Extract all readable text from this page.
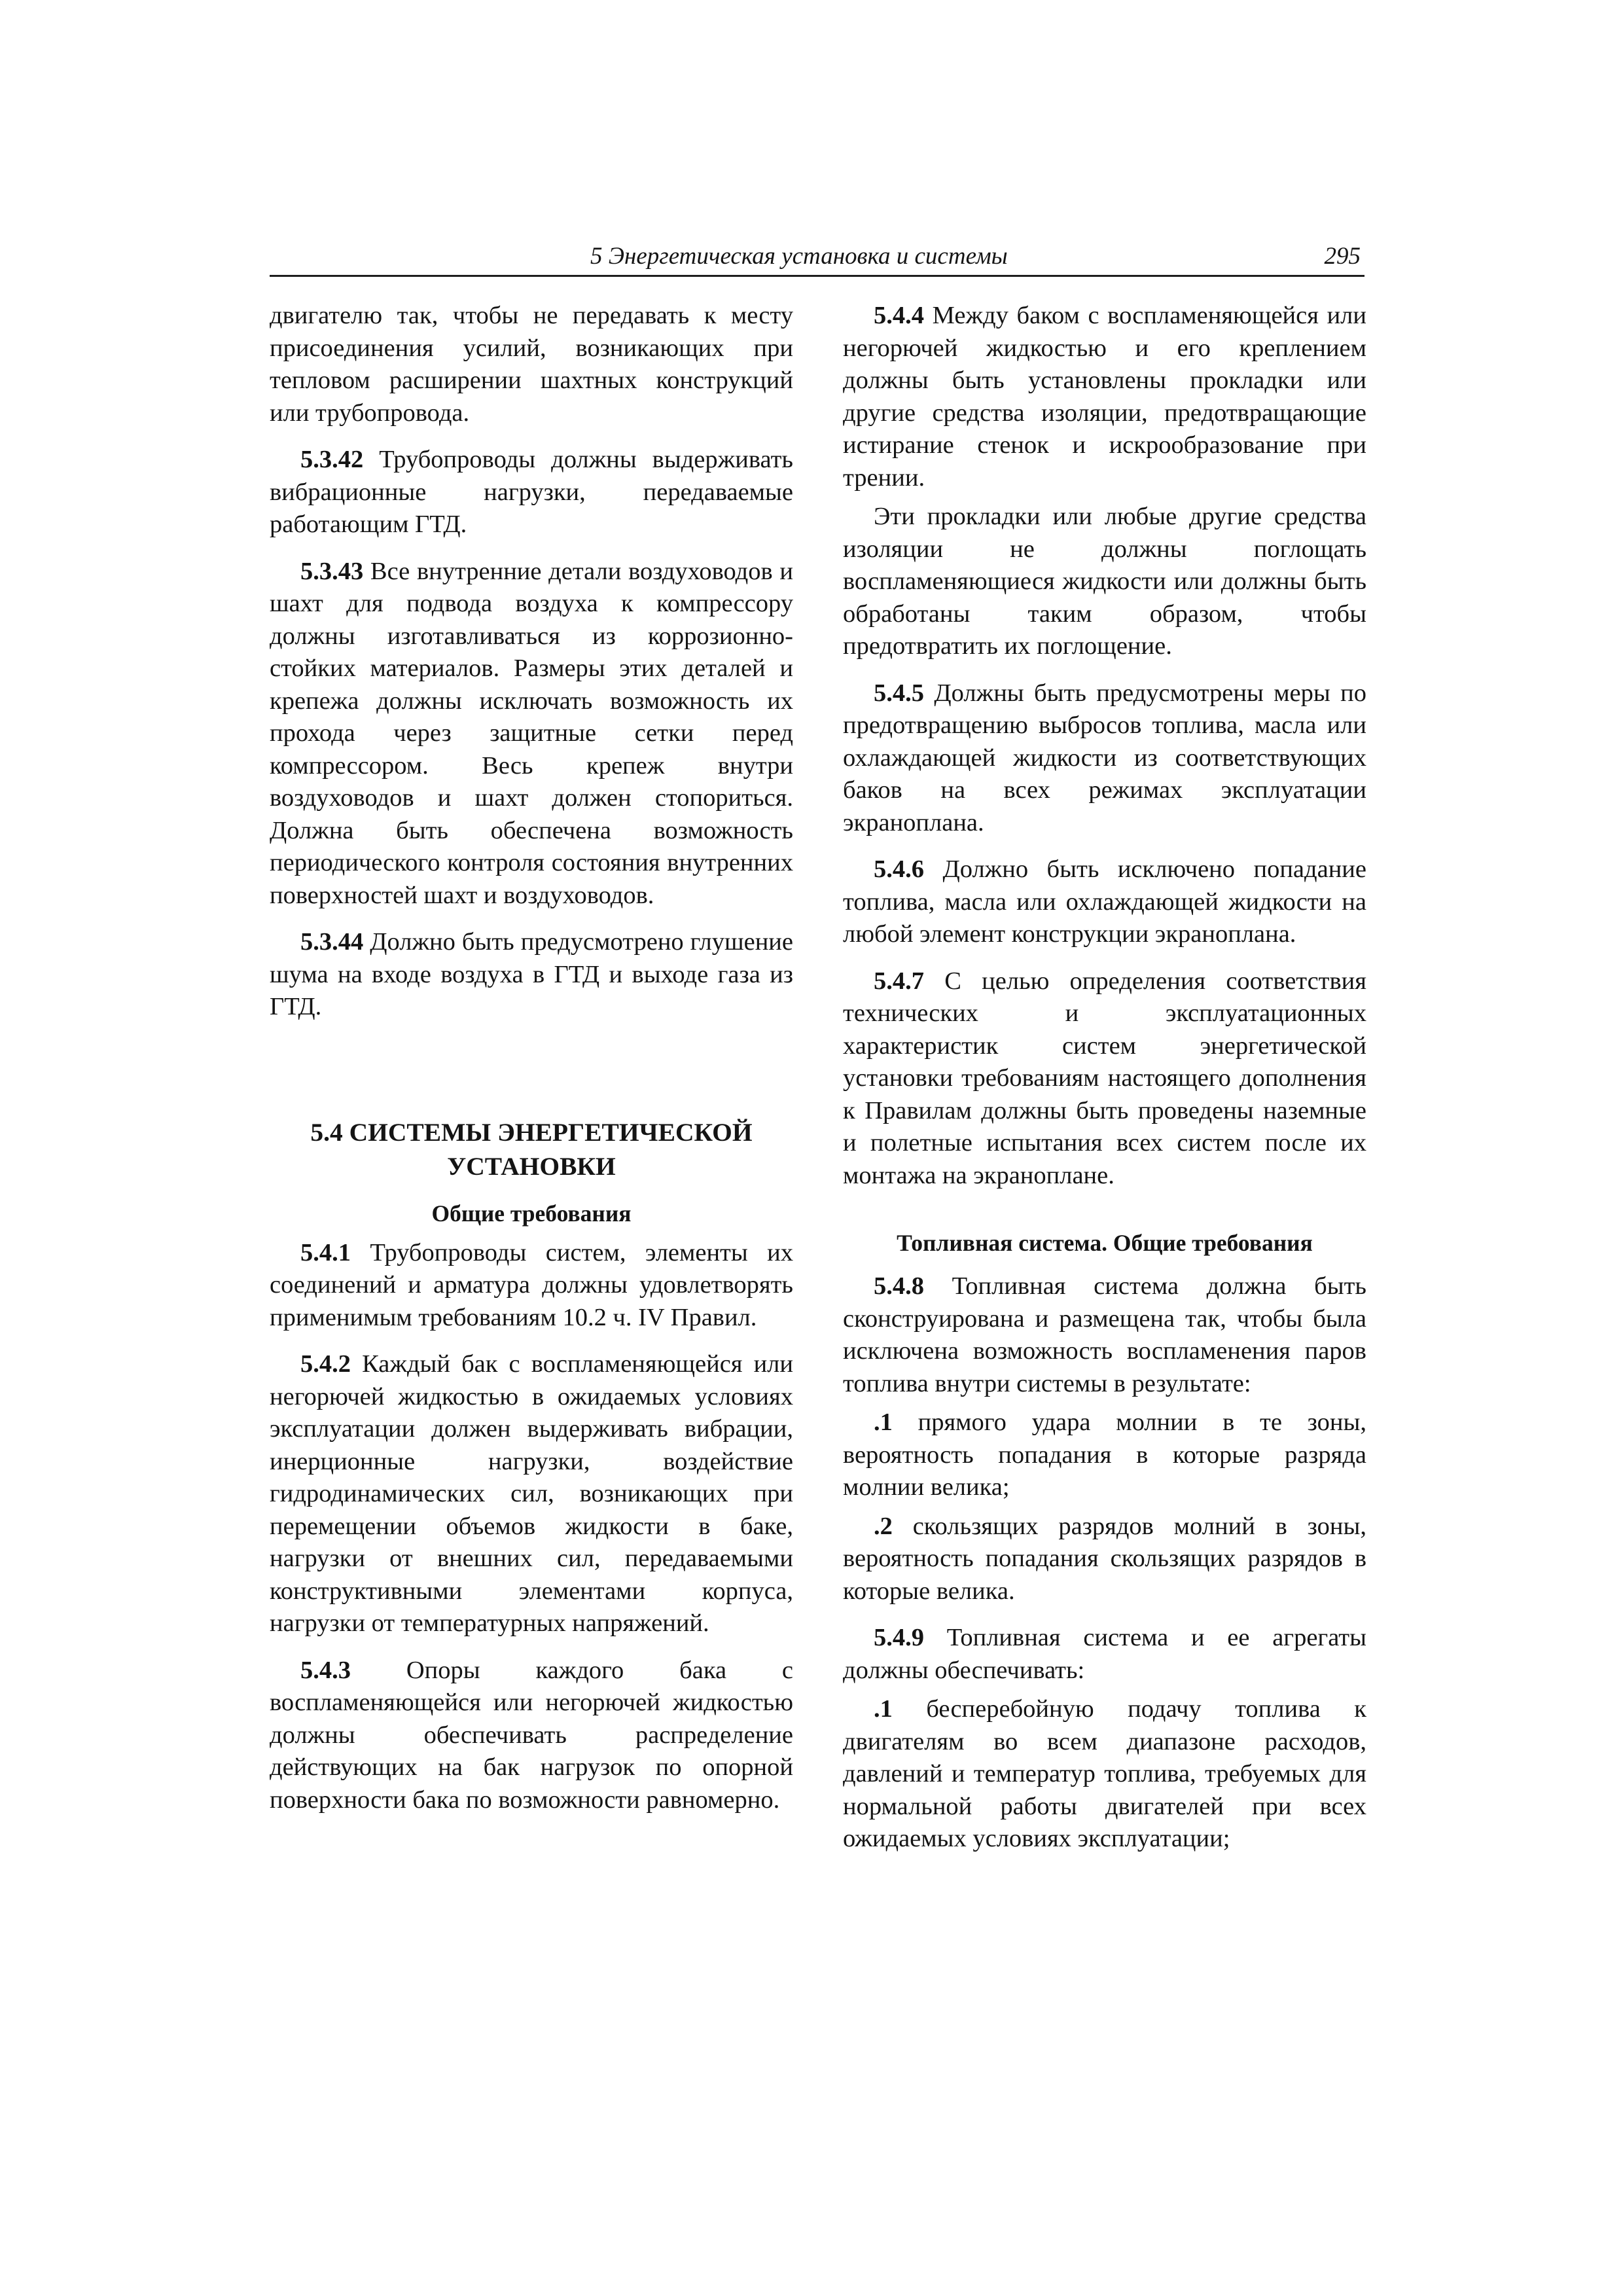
5 Энергетическая установка и системы	295

двигателю так, чтобы не передавать к месту присоединения усилий, возникающих при тепловом расширении шахтных конструкций или трубопровода.

5.3.42 Трубопроводы должны выдерживать вибрационные нагрузки, передаваемые работающим ГТД.

5.3.43 Все внутренние детали воздуховодов и шахт для подвода воздуха к компрессору должны изготавливаться из коррозионно-стойких материалов. Размеры этих деталей и крепежа должны исключать возможность их прохода через защитные сетки перед компрессором. Весь крепеж внутри воздуховодов и шахт должен стопориться. Должна быть обеспечена возможность периодического контроля состояния внутренних поверхностей шахт и воздуховодов.

5.3.44 Должно быть предусмотрено глушение шума на входе воздуха в ГТД и выходе газа из ГТД.

5.4 СИСТЕМЫ ЭНЕРГЕТИЧЕСКОЙ
УСТАНОВКИ
Общие требования

5.4.1 Трубопроводы систем, элементы их соединений и арматура должны удовлетворять применимым требованиям 10.2 ч. IV Правил.

5.4.2 Каждый бак с воспламеняющейся или негорючей жидкостью в ожидаемых условиях эксплуатации должен выдерживать вибрации, инерционные нагрузки, воздействие гидродинамических сил, возникающих при перемещении объемов жидкости в баке, нагрузки от внешних сил, передаваемыми конструктивными элементами корпуса, нагрузки от температурных напряжений.

5.4.3 Опоры каждого бака с воспламеняющейся или негорючей жидкостью должны обеспечивать распределение действующих на бак нагрузок по опорной поверхности бака по возможности равномерно.

5.4.4 Между баком с воспламеняющейся или негорючей жидкостью и его креплением должны быть установлены прокладки или другие средства изоляции, предотвращающие истирание стенок и искрообразование при трении.

Эти прокладки или любые другие средства изоляции не должны поглощать воспламеняющиеся жидкости или должны быть обработаны таким образом, чтобы предотвратить их поглощение.

5.4.5 Должны быть предусмотрены меры по предотвращению выбросов топлива, масла или охлаждающей жидкости из соответствующих баков на всех режимах эксплуатации экраноплана.

5.4.6 Должно быть исключено попадание топлива, масла или охлаждающей жидкости на любой элемент конструкции экраноплана.

5.4.7 С целью определения соответствия технических и эксплуатационных характеристик систем энергетической установки требованиям настоящего дополнения к Правилам должны быть проведены наземные и полетные испытания всех систем после их монтажа на экраноплане.

Топливная система. Общие требования

5.4.8 Топливная система должна быть сконструирована и размещена так, чтобы была исключена возможность воспламенения паров топлива внутри системы в результате:

.1 прямого удара молнии в те зоны, вероятность попадания в которые разряда молнии велика;

.2 скользящих разрядов молний в зоны, вероятность попадания скользящих разрядов в которые велика.

5.4.9 Топливная система и ее агрегаты должны обеспечивать:

.1 бесперебойную подачу топлива к двигателям во всем диапазоне расходов, давлений и температур топлива, требуемых для нормальной работы двигателей при всех ожидаемых условиях эксплуатации;
